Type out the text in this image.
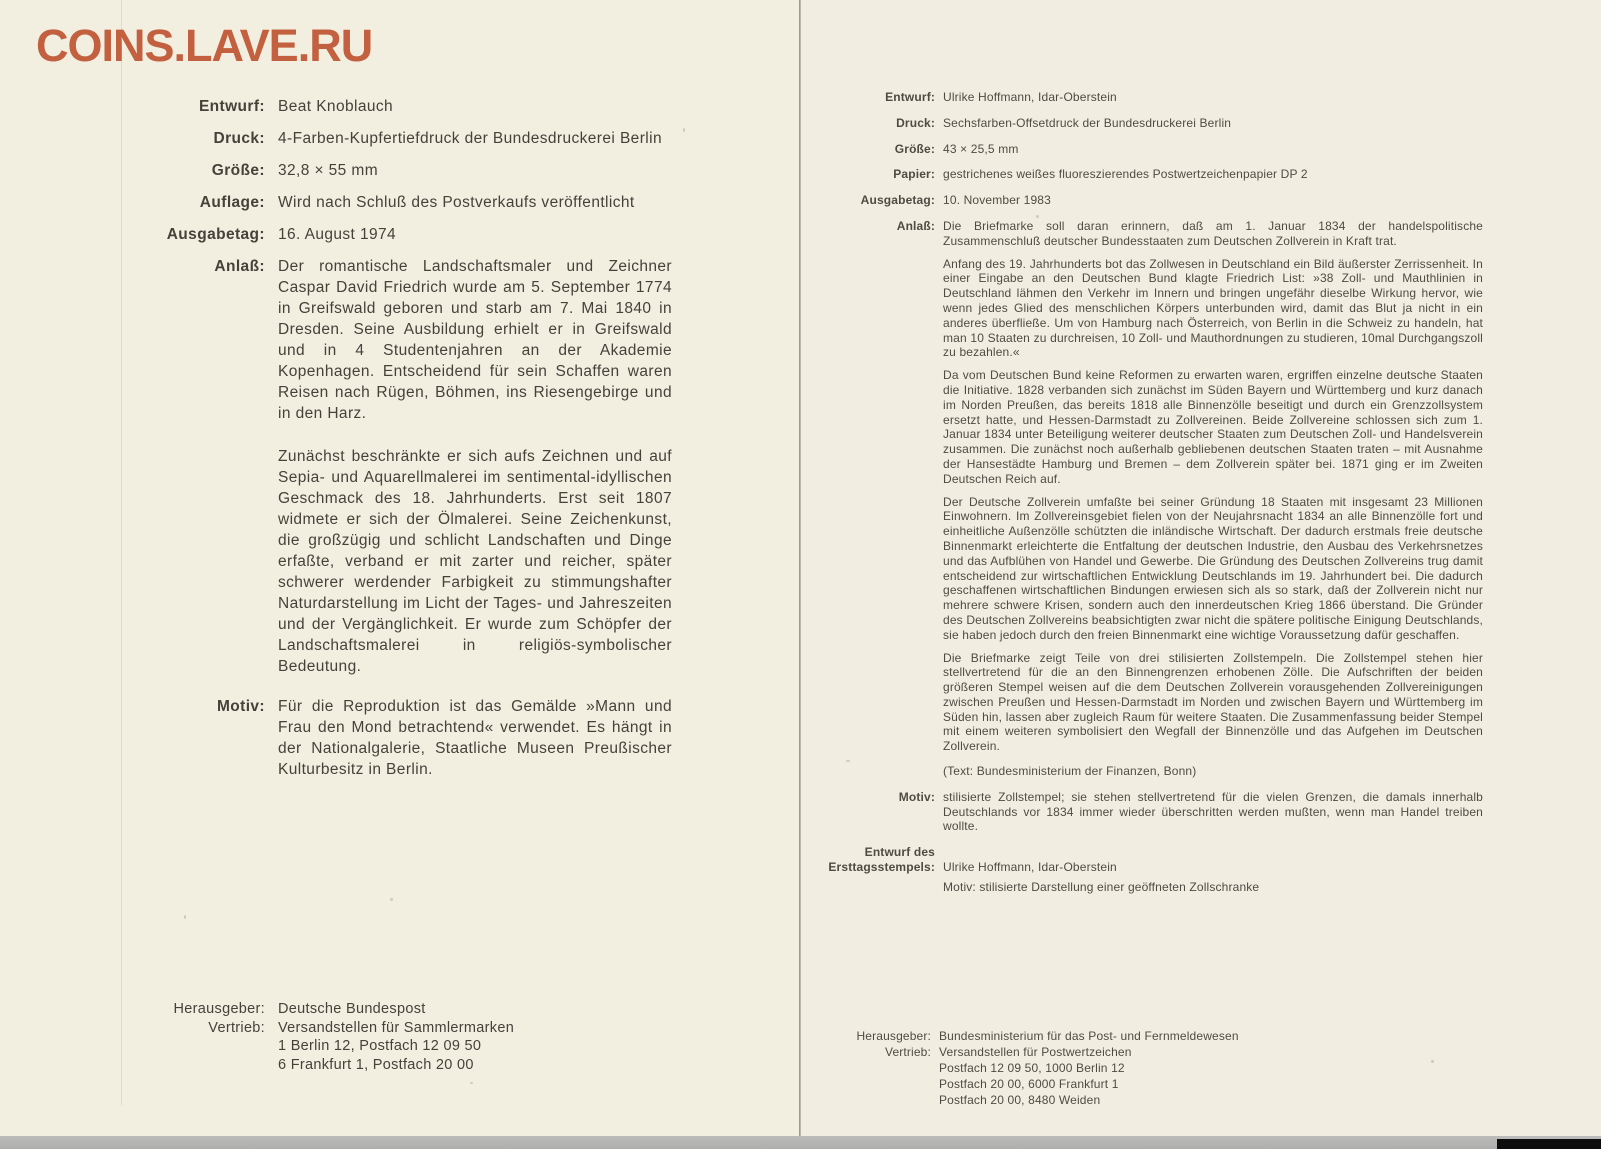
COINS.LAVE.RU
Entwurf: Beat Knoblauch
Druck: 4-Farben-Kupfertiefdruck der Bundesdruckerei Berlin
Größe: 32,8 × 55 mm
Auflage: Wird nach Schluß des Postverkaufs veröffentlicht
Ausgabetag: 16. August 1974
Anlaß: Der romantische Landschaftsmaler und Zeichner Caspar David Friedrich wurde am 5. September 1774 in Greifswald geboren und starb am 7. Mai 1840 in Dresden. Seine Ausbildung erhielt er in Greifswald und in 4 Studentenjahren an der Akademie Kopenhagen. Entscheidend für sein Schaffen waren Reisen nach Rügen, Böhmen, ins Riesengebirge und in den Harz.

Zunächst beschränkte er sich aufs Zeichnen und auf Sepia- und Aquarellmalerei im sentimental-idyllischen Geschmack des 18. Jahrhunderts. Erst seit 1807 widmete er sich der Ölmalerei. Seine Zeichenkunst, die großzügig und schlicht Landschaften und Dinge erfaßte, verband er mit zarter und reicher, später schwerer werdender Farbigkeit zu stimmungshafter Naturdarstellung im Licht der Tages- und Jahreszeiten und der Vergänglichkeit. Er wurde zum Schöpfer der Landschaftsmalerei in religiös-symbolischer Bedeutung.

Motiv: Für die Reproduktion ist das Gemälde »Mann und Frau den Mond betrachtend« verwendet. Es hängt in der Nationalgalerie, Staatliche Museen Preußischer Kulturbesitz in Berlin.
Herausgeber: Deutsche Bundespost
Vertrieb: Versandstellen für Sammlermarken
1 Berlin 12, Postfach 12 09 50
6 Frankfurt 1, Postfach 20 00
Entwurf: Ulrike Hoffmann, Idar-Oberstein
Druck: Sechsfarben-Offsetdruck der Bundesdruckerei Berlin
Größe: 43 × 25,5 mm
Papier: gestrichenes weißes fluoreszierendes Postwertzeichenpapier DP 2
Ausgabetag: 10. November 1983
Anlaß: Die Briefmarke soll daran erinnern, daß am 1. Januar 1834 der handelspolitische Zusammenschluß deutscher Bundesstaaten zum Deutschen Zollverein in Kraft trat.

Anfang des 19. Jahrhunderts bot das Zollwesen in Deutschland ein Bild äußerster Zerrissenheit. In einer Eingabe an den Deutschen Bund klagte Friedrich List: »38 Zoll- und Mauthlinien in Deutschland lähmen den Verkehr im Innern und bringen ungefähr dieselbe Wirkung hervor, wie wenn jedes Glied des menschlichen Körpers unterbunden wird, damit das Blut ja nicht in ein anderes überfließe. Um von Hamburg nach Österreich, von Berlin in die Schweiz zu handeln, hat man 10 Staaten zu durchreisen, 10 Zoll- und Mauthordnungen zu studieren, 10mal Durchgangszoll zu bezahlen.«

Da vom Deutschen Bund keine Reformen zu erwarten waren, ergriffen einzelne deutsche Staaten die Initiative. 1828 verbanden sich zunächst im Süden Bayern und Württemberg und kurz danach im Norden Preußen, das bereits 1818 alle Binnenzölle beseitigt und durch ein Grenzzollsystem ersetzt hatte, und Hessen-Darmstadt zu Zollvereinen. Beide Zollvereine schlossen sich zum 1. Januar 1834 unter Beteiligung weiterer deutscher Staaten zum Deutschen Zoll- und Handelsverein zusammen. Die zunächst noch außerhalb gebliebenen deutschen Staaten traten – mit Ausnahme der Hansestädte Hamburg und Bremen – dem Zollverein später bei. 1871 ging er im Zweiten Deutschen Reich auf.

Der Deutsche Zollverein umfaßte bei seiner Gründung 18 Staaten mit insgesamt 23 Millionen Einwohnern. Im Zollvereinsgebiet fielen von der Neujahrsnacht 1834 an alle Binnenzölle fort und einheitliche Außenzölle schützten die inländische Wirtschaft. Der dadurch erstmals freie deutsche Binnenmarkt erleichterte die Entfaltung der deutschen Industrie, den Ausbau des Verkehrsnetzes und das Aufblühen von Handel und Gewerbe. Die Gründung des Deutschen Zollvereins trug damit entscheidend zur wirtschaftlichen Entwicklung Deutschlands im 19. Jahrhundert bei. Die dadurch geschaffenen wirtschaftlichen Bindungen erwiesen sich als so stark, daß der Zollverein nicht nur mehrere schwere Krisen, sondern auch den innerdeutschen Krieg 1866 überstand. Die Gründer des Deutschen Zollvereins beabsichtigten zwar nicht die spätere politische Einigung Deutschlands, sie haben jedoch durch den freien Binnenmarkt eine wichtige Voraussetzung dafür geschaffen.

Die Briefmarke zeigt Teile von drei stilisierten Zollstempeln. Die Zollstempel stehen hier stellvertretend für die an den Binnengrenzen erhobenen Zölle. Die Aufschriften der beiden größeren Stempel weisen auf die dem Deutschen Zollverein vorausgehenden Zollvereinigungen zwischen Preußen und Hessen-Darmstadt im Norden und zwischen Bayern und Württemberg im Süden hin, lassen aber zugleich Raum für weitere Staaten. Die Zusammenfassung beider Stempel mit einem weiteren symbolisiert den Wegfall der Binnenzölle und das Aufgehen im Deutschen Zollverein.

(Text: Bundesministerium der Finanzen, Bonn)

Motiv: stilisierte Zollstempel; sie stehen stellvertretend für die vielen Grenzen, die damals innerhalb Deutschlands vor 1834 immer wieder überschritten werden mußten, wenn man Handel treiben wollte.
Entwurf des
Ersttagsstempels: Ulrike Hoffmann, Idar-Oberstein
Motiv: stilisierte Darstellung einer geöffneten Zollschranke
Herausgeber: Bundesministerium für das Post- und Fernmeldewesen
Vertrieb: Versandstellen für Postwertzeichen
Postfach 12 09 50, 1000 Berlin 12
Postfach 20 00, 6000 Frankfurt 1
Postfach 20 00, 8480 Weiden
